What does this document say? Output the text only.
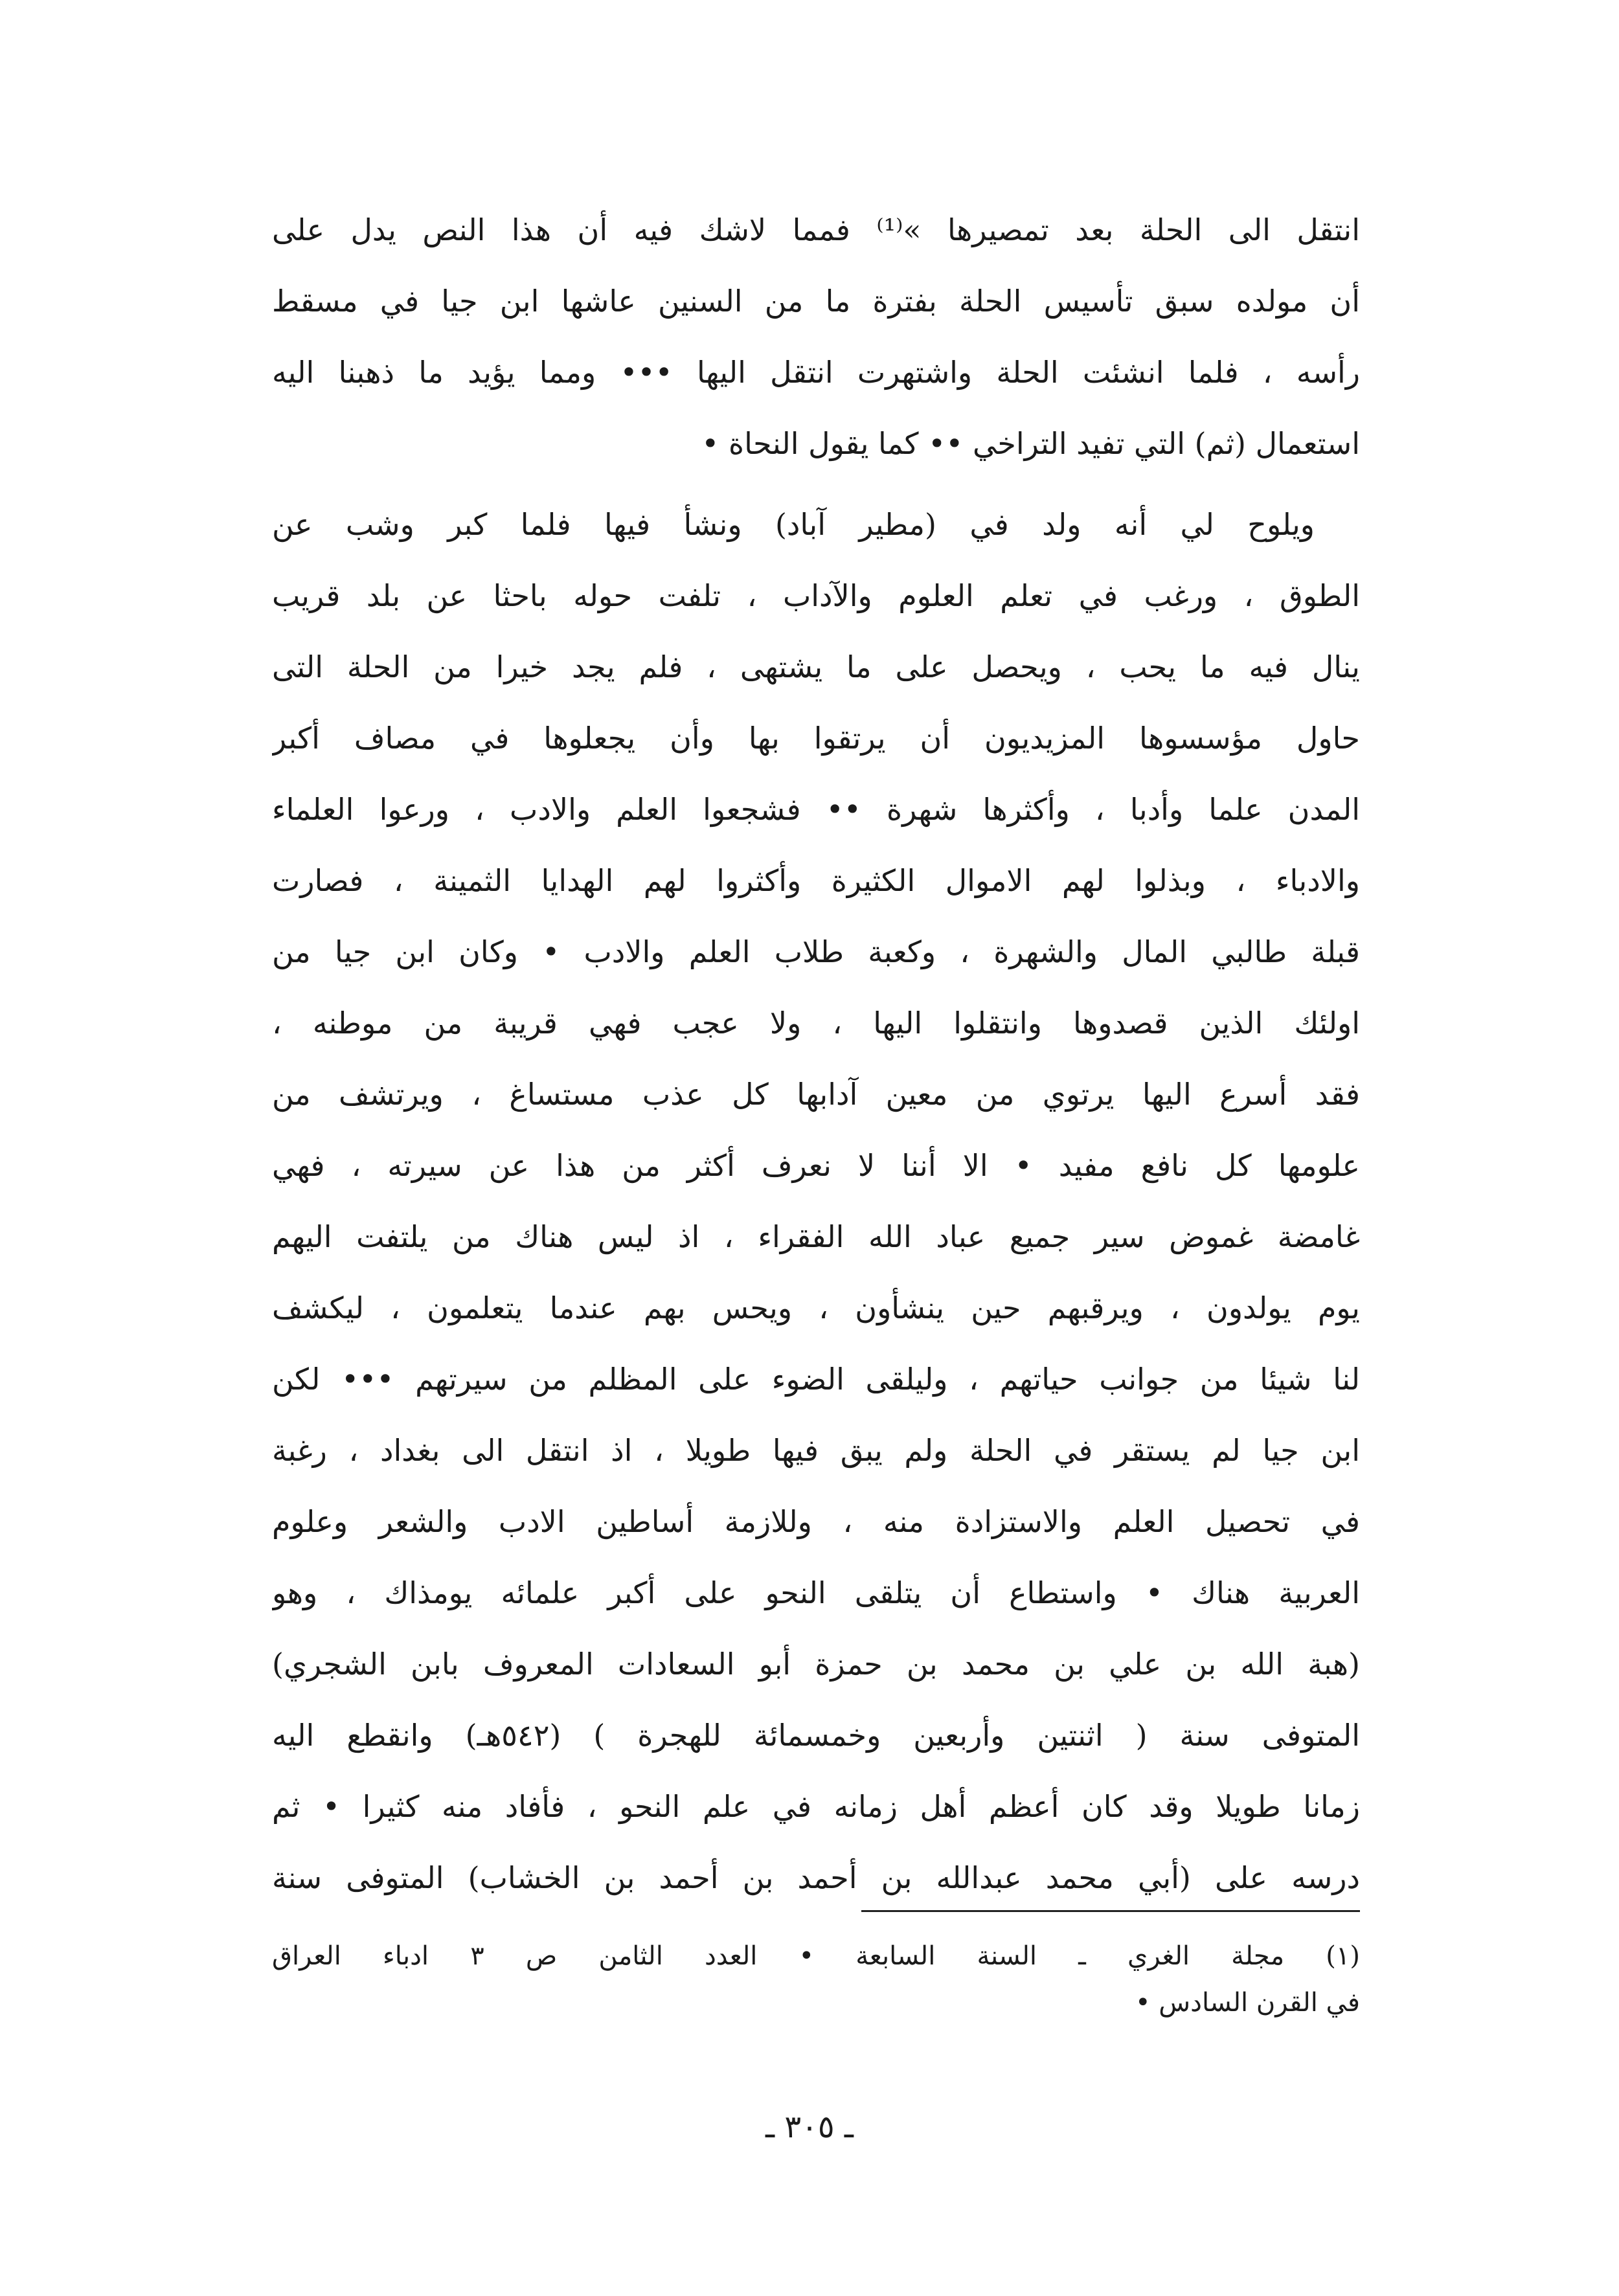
انتقل الى الحلة بعد تمصيرها »⁽¹⁾ فمما لاشك فيه أن هذا النص يدل على
أن مولده سبق تأسيس الحلة بفترة ما من السنين عاشها ابن جيا في مسقط
رأسه ، فلما انشئت الحلة واشتهرت انتقل اليها ••• ومما يؤيد ما ذهبنا اليه
استعمال (ثم) التي تفيد التراخي •• كما يقول النحاة •
ويلوح لي أنه ولد في (مطير آباد) ونشأ فيها فلما كبر وشب عن
الطوق ، ورغب في تعلم العلوم والآداب ، تلفت حوله باحثا عن بلد قريب
ينال فيه ما يحب ، ويحصل على ما يشتهى ، فلم يجد خيرا من الحلة التى
حاول مؤسسوها المزيديون أن يرتقوا بها وأن يجعلوها في مصاف أكبر
المدن علما وأدبا ، وأكثرها شهرة •• فشجعوا العلم والادب ، ورعوا العلماء
والادباء ، وبذلوا لهم الاموال الكثيرة وأكثروا لهم الهدايا الثمينة ، فصارت
قبلة طالبي المال والشهرة ، وكعبة طلاب العلم والادب • وكان ابن جيا من
اولئك الذين قصدوها وانتقلوا اليها ، ولا عجب فهي قريبة من موطنه ،
فقد أسرع اليها يرتوي من معين آدابها كل عذب مستساغ ، ويرتشف من
علومها كل نافع مفيد • الا أننا لا نعرف أكثر من هذا عن سيرته ، فهي
غامضة غموض سير جميع عباد الله الفقراء ، اذ ليس هناك من يلتفت اليهم
يوم يولدون ، ويرقبهم حين ينشأون ، ويحس بهم عندما يتعلمون ، ليكشف
لنا شيئا من جوانب حياتهم ، وليلقى الضوء على المظلم من سيرتهم ••• لكن
ابن جيا لم يستقر في الحلة ولم يبق فيها طويلا ، اذ انتقل الى بغداد ، رغبة
في تحصيل العلم والاستزادة منه ، وللازمة أساطين الادب والشعر وعلوم
العربية هناك • واستطاع أن يتلقى النحو على أكبر علمائه يومذاك ، وهو
(هبة الله بن علي بن محمد بن حمزة أبو السعادات المعروف بابن الشجري)
المتوفى سنة ( اثنتين وأربعين وخمسمائة للهجرة ) (٥٤٢هـ) وانقطع اليه
زمانا طويلا وقد كان أعظم أهل زمانه في علم النحو ، فأفاد منه كثيرا • ثم
درسه على (أبي محمد عبدالله بن أحمد بن أحمد بن الخشاب) المتوفى سنة
(١) مجلة الغري ـ السنة السابعة • العدد الثامن ص ٣ ادباء العراق
في القرن السادس •
ـ ٣٠٥ ـ
